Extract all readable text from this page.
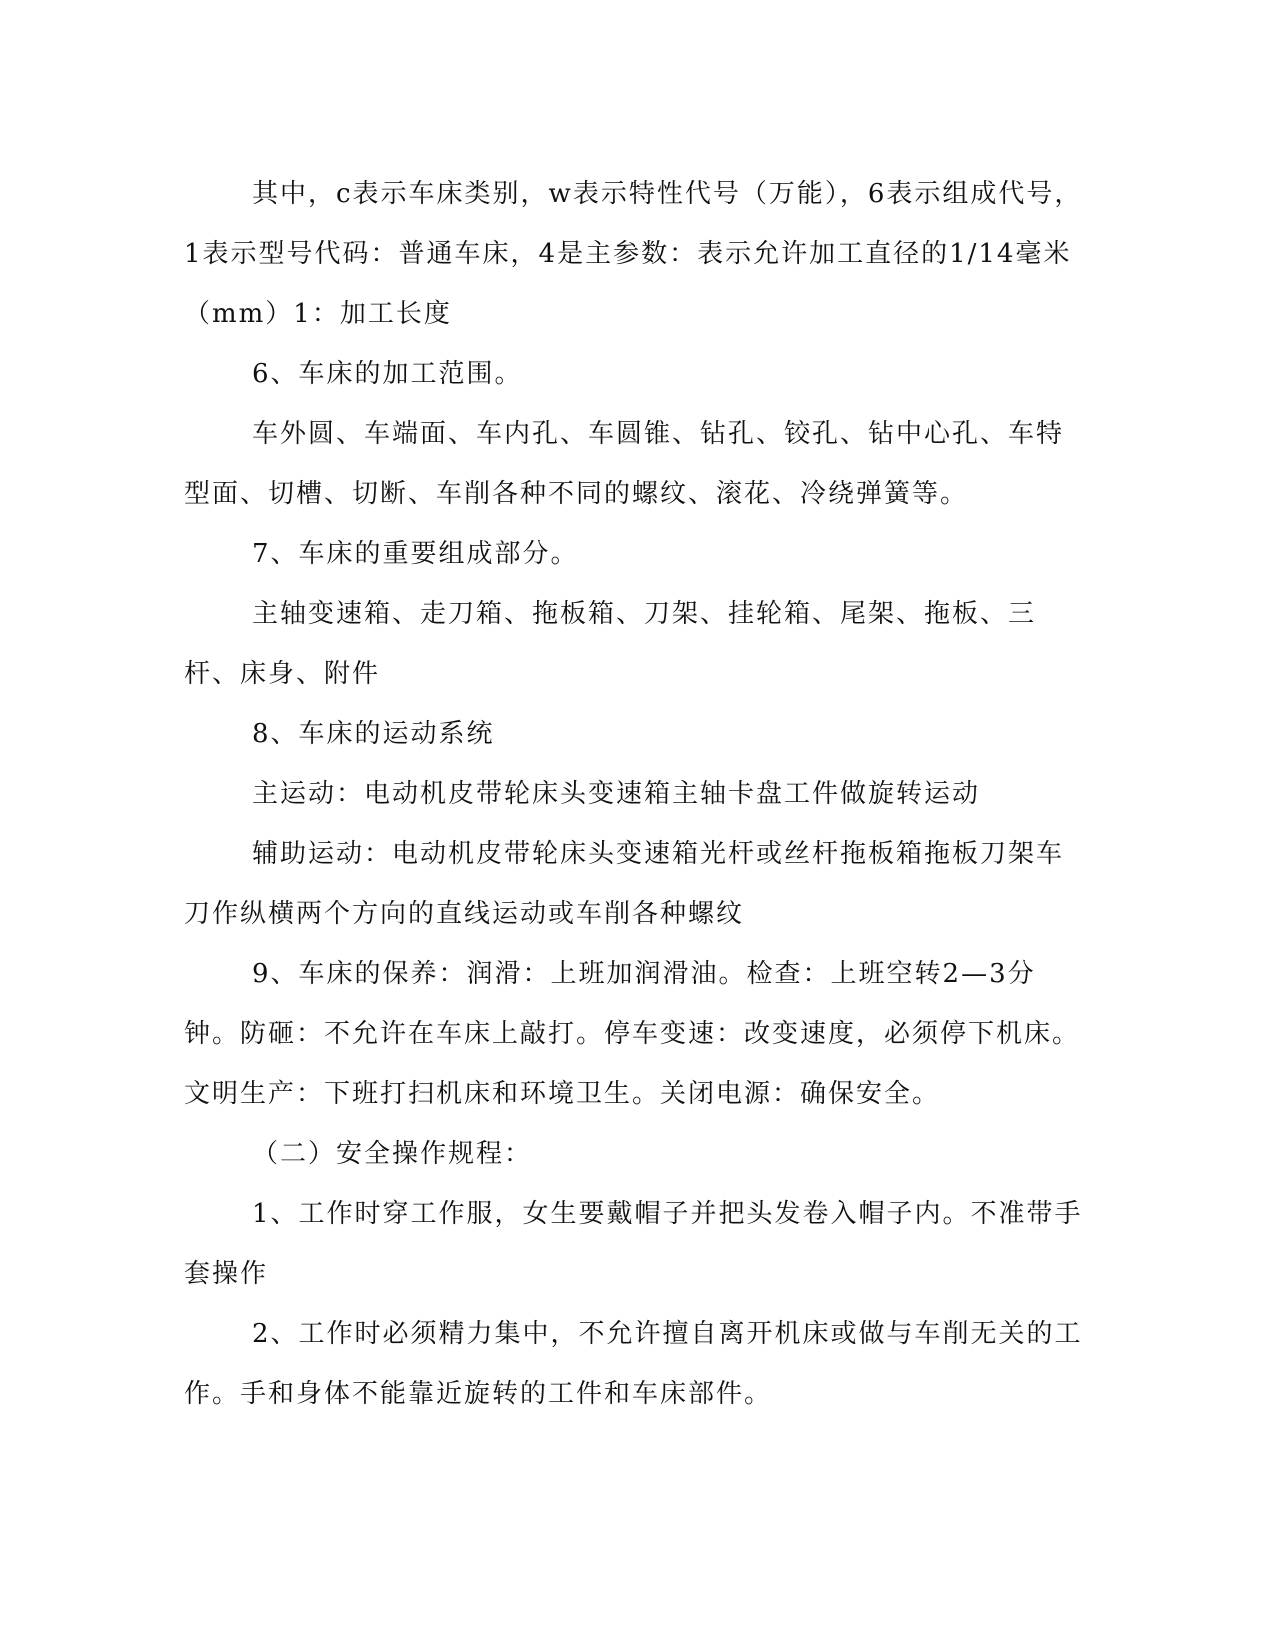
其中，c表示车床类别，w表示特性代号（万能），6表示组成代号，1表示型号代码：普通车床，4是主参数：表示允许加工直径的1/14毫米（mm）1：加工长度

6、车床的加工范围。

车外圆、车端面、车内孔、车圆锥、钻孔、铰孔、钻中心孔、车特型面、切槽、切断、车削各种不同的螺纹、滚花、冷绕弹簧等。

7、车床的重要组成部分。

主轴变速箱、走刀箱、拖板箱、刀架、挂轮箱、尾架、拖板、三杆、床身、附件

8、车床的运动系统

主运动：电动机皮带轮床头变速箱主轴卡盘工件做旋转运动

辅助运动：电动机皮带轮床头变速箱光杆或丝杆拖板箱拖板刀架车刀作纵横两个方向的直线运动或车削各种螺纹

9、车床的保养：润滑：上班加润滑油。检查：上班空转2—3分钟。防砸：不允许在车床上敲打。停车变速：改变速度，必须停下机床。文明生产：下班打扫机床和环境卫生。关闭电源：确保安全。

（二）安全操作规程：

1、工作时穿工作服，女生要戴帽子并把头发卷入帽子内。不准带手套操作

2、工作时必须精力集中，不允许擅自离开机床或做与车削无关的工作。手和身体不能靠近旋转的工件和车床部件。
